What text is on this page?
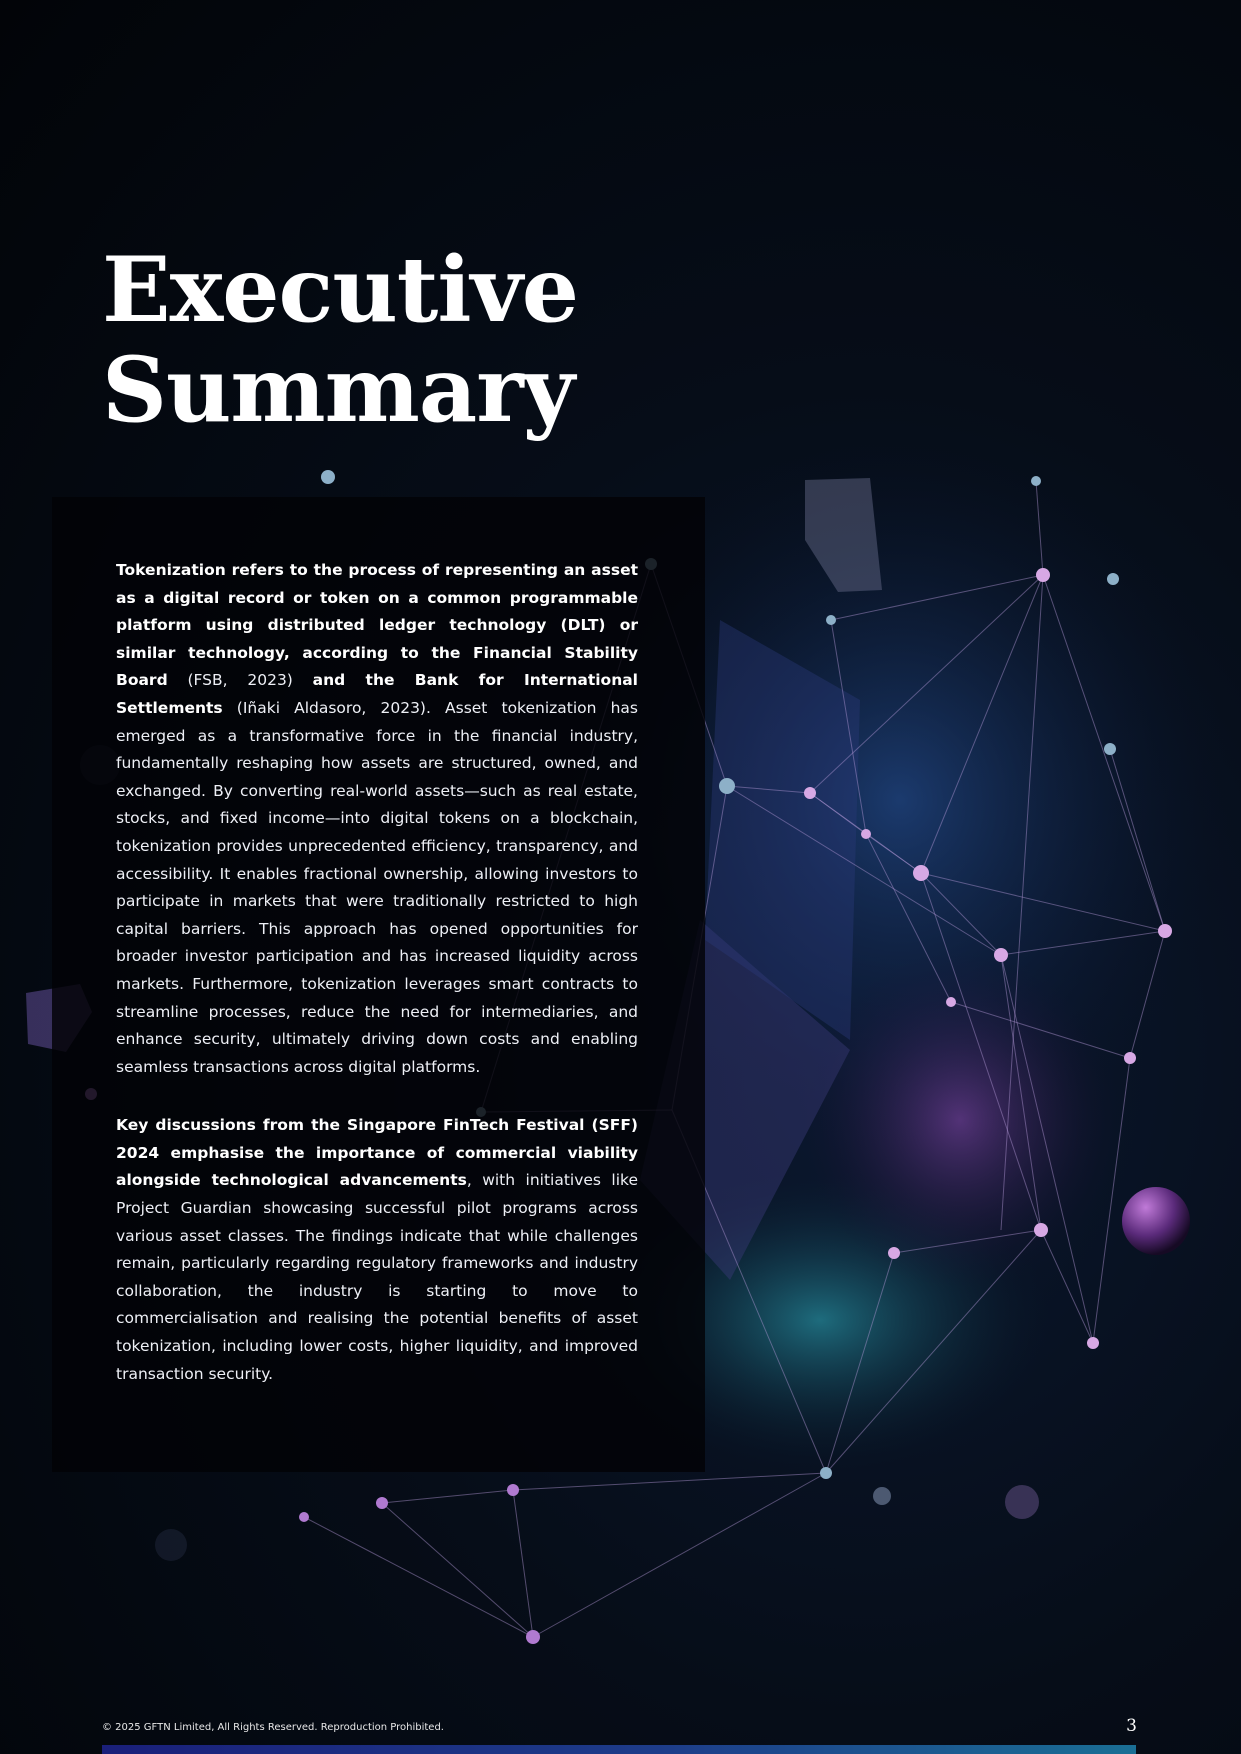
Executive
Summary

Tokenization refers to the process of representing an asset as a digital record or token on a common programmable platform using distributed ledger technology (DLT) or similar technology, according to the Financial Stability Board (FSB, 2023) and the Bank for International Settlements (Iñaki Aldasoro, 2023). Asset tokenization has emerged as a transformative force in the financial industry, fundamentally reshaping how assets are structured, owned, and exchanged. By converting real-world assets—such as real estate, stocks, and fixed income—into digital tokens on a blockchain, tokenization provides unprecedented efficiency, transparency, and accessibility. It enables fractional ownership, allowing investors to participate in markets that were traditionally restricted to high capital barriers. This approach has opened opportunities for broader investor participation and has increased liquidity across markets. Furthermore, tokenization leverages smart contracts to streamline processes, reduce the need for intermediaries, and enhance security, ultimately driving down costs and enabling seamless transactions across digital platforms.

Key discussions from the Singapore FinTech Festival (SFF) 2024 emphasise the importance of commercial viability alongside technological advancements, with initiatives like Project Guardian showcasing successful pilot programs across various asset classes. The findings indicate that while challenges remain, particularly regarding regulatory frameworks and industry collaboration, the industry is starting to move to commercialisation and realising the potential benefits of asset tokenization, including lower costs, higher liquidity, and improved transaction security.

© 2025 GFTN Limited, All Rights Reserved. Reproduction Prohibited.	3
